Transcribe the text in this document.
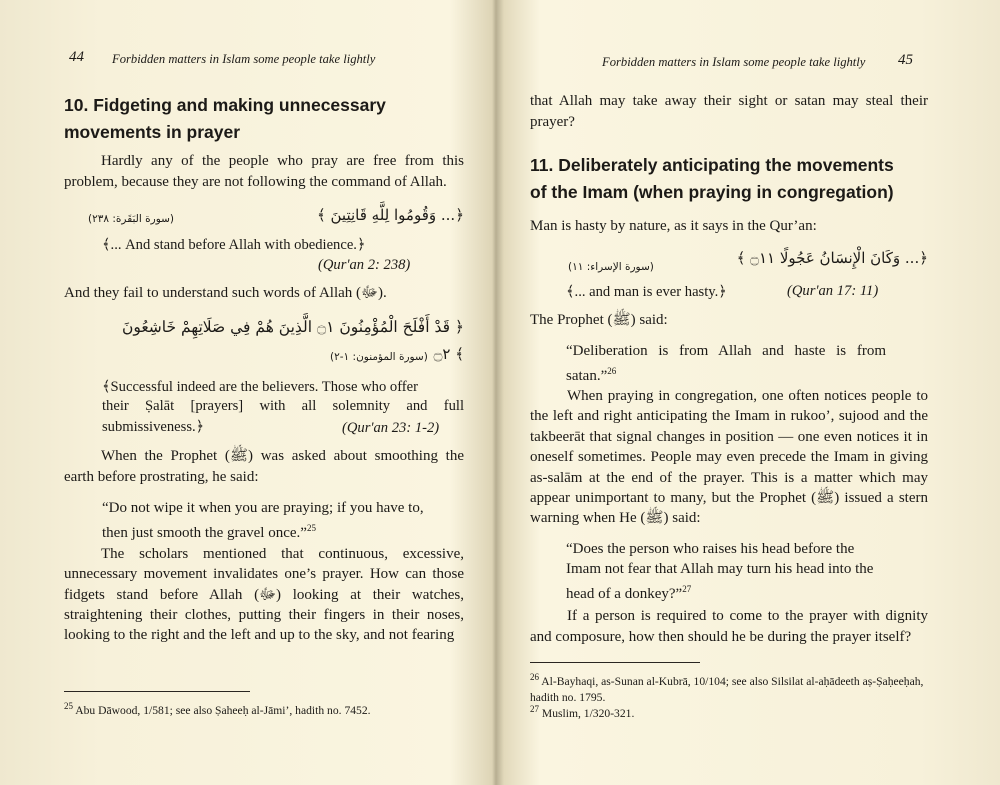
44 Forbidden matters in Islam some people take lightly
10. Fidgeting and making unnecessary movements in prayer
Hardly any of the people who pray are free from this problem, because they are not following the command of Allah.
(سورة البَقَرة: ٢٣٨)	﴿... وَقُومُوا لِلَّهِ قَانِتِينَ ﴾
﴾... And stand before Allah with obedience.﴿
(Qur'an 2: 238)
And they fail to understand such words of Allah (ﷻ).
﴿ قَدْ أَفْلَحَ الْمُؤْمِنُونَ ۝١ الَّذِينَ هُمْ فِي صَلَاتِهِمْ خَاشِعُونَ
(سورة المؤمنون: ١-٢) ۝٢ ﴾
﴾Successful indeed are the believers. Those who offer
their Ṣalāt [prayers] with all solemnity and full
submissiveness.﴿	(Qur'an 23: 1-2)
When the Prophet (ﷺ) was asked about smoothing the earth before prostrating, he said:
“Do not wipe it when you are praying; if you have to,
then just smooth the gravel once.”$^{25}$
The scholars mentioned that continuous, excessive, unnecessary movement invalidates one’s prayer. How can those fidgets stand before Allah (ﷻ) looking at their watches, straightening their clothes, putting their fingers in their noses, looking to the right and the left and up to the sky, and not fearing
$^{25}$ Abu Dāwood, 1/581; see also Ṣaheeḥ al-Jāmi’, hadith no. 7452.
Forbidden matters in Islam some people take lightly 45
that Allah may take away their sight or satan may steal their prayer?
11. Deliberately anticipating the movements of the Imam (when praying in congregation)
Man is hasty by nature, as it says in the Qur’an:
﴿... وَكَانَ الْإِنسَانُ عَجُولًا ۝١١ ﴾
(سورة الإسراء: ١١)
﴾... and man is ever hasty.﴿	(Qur'an 17: 11)
The Prophet (ﷺ) said:
“Deliberation is from Allah and haste is from
satan.”$^{26}$
When praying in congregation, one often notices people to the left and right anticipating the Imam in rukoo’, sujood and the takbeerāt that signal changes in position — one even notices it in oneself sometimes. People may even precede the Imam in giving as-salām at the end of the prayer. This is a matter which may appear unimportant to many, but the Prophet (ﷺ) issued a stern warning when He (ﷺ) said:
“Does the person who raises his head before the
Imam not fear that Allah may turn his head into the
head of a donkey?”$^{27}$
If a person is required to come to the prayer with dignity and composure, how then should he be during the prayer itself?
$^{26}$ Al-Bayhaqi, as-Sunan al-Kubrā, 10/104; see also Silsilat al-aḥādeeth aṣ-Ṣaḥeeḥah, hadith no. 1795.
$^{27}$ Muslim, 1/320-321.
